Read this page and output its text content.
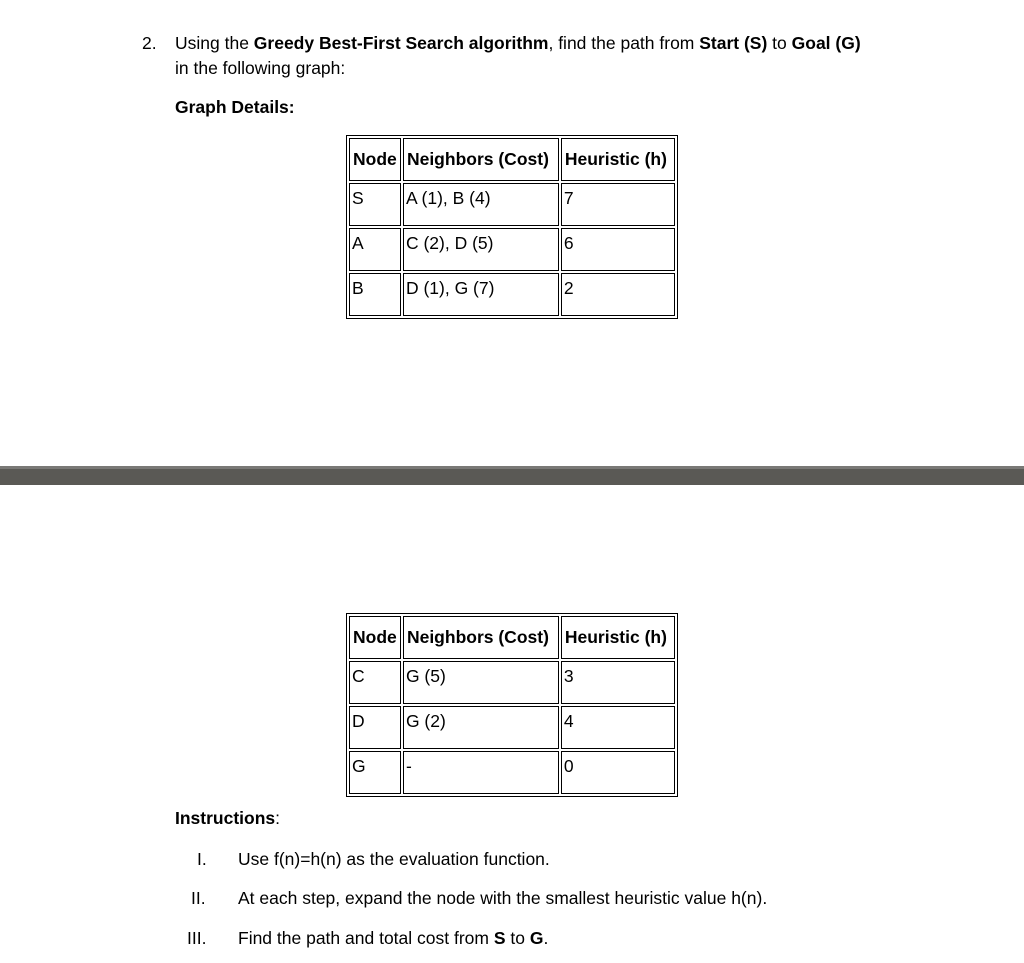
2. Using the Greedy Best-First Search algorithm, find the path from Start (S) to Goal (G)
in the following graph:
Graph Details:
Node	Neighbors (Cost)	Heuristic (h)
S	A (1), B (4)	7
A	C (2), D (5)	6
B	D (1), G (7)	2
Node	Neighbors (Cost)	Heuristic (h)
C	G (5)	3
D	G (2)	4
G	-	0
Instructions:
I. Use f(n)=h(n) as the evaluation function.
II. At each step, expand the node with the smallest heuristic value h(n).
III. Find the path and total cost from S to G.
